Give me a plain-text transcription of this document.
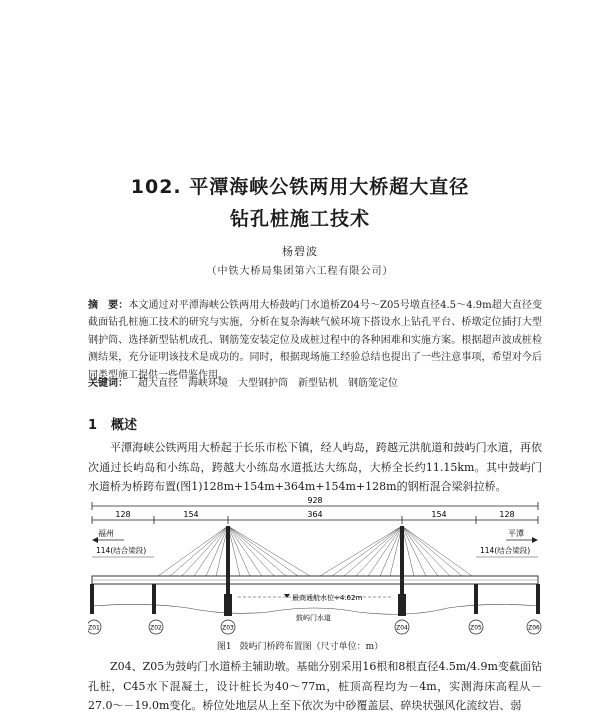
102. 平潭海峡公铁两用大桥超大直径
钻孔桩施工技术
杨碧波
（中铁大桥局集团第六工程有限公司）
摘　要：本文通过对平潭海峡公铁两用大桥鼓屿门水道桥Z04号～Z05号墩直径4.5～4.9m超大直径变截面钻孔桩施工技术的研究与实施，分析在复杂海峡气候环境下搭设水上钻孔平台、桥墩定位插打大型钢护筒、选择新型钻机成孔、钢筋笼安装定位及成桩过程中的各种困难和实施方案。根据超声波成桩检测结果，充分证明该技术是成功的。同时，根据现场施工经验总结也提出了一些注意事项，希望对今后同类型施工提供一些借鉴作用。
关键词： 超大直径 海峡环境 大型钢护筒 新型钻机 钢筋笼定位
1 概述
平潭海峡公铁两用大桥起于长乐市松下镇，经人屿岛，跨越元洪航道和鼓屿门水道，再依次通过长屿岛和小练岛，跨越大小练岛水道抵达大练岛，大桥全长约11.15km。其中鼓屿门水道桥为桥跨布置(图1)128m+154m+364m+154m+128m的钢桁混合梁斜拉桥。
928
128	154	364	154	128
福州	平潭
114(结合梁段)	114(结合梁段)
最高通航水位+4.62m
鼓屿门水道
Z01	Z02	Z03	Z04	Z05	Z06
图1 鼓屿门桥跨布置图（尺寸单位：m）
Z04、Z05为鼓屿门水道桥主辅助墩。基础分别采用16根和8根直径4.5m/4.9m变截面钻孔桩，C45水下混凝土，设计桩长为40～77m，桩顶高程均为－4m，实测海床高程从－27.0～－19.0m变化。桥位处地层从上至下依次为中砂覆盖层、碎块状强风化流纹岩、弱
